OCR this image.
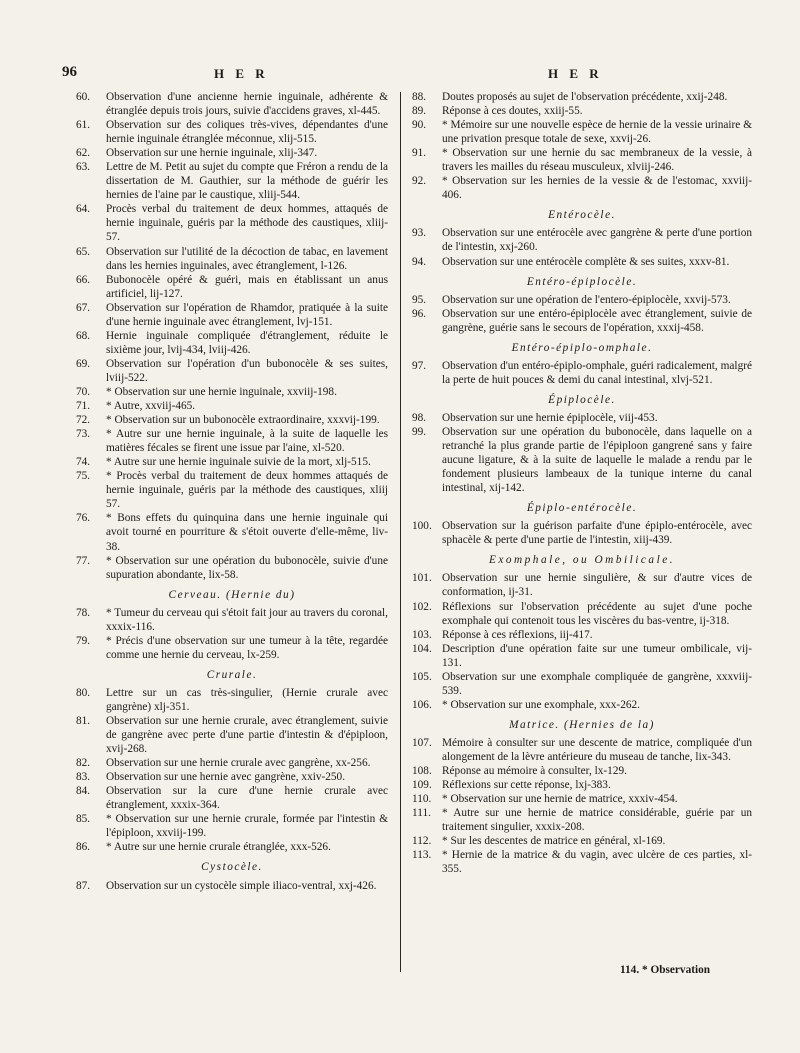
96	H E R	H E R
60.	Observation d'une ancienne hernie inguinale, adhérente & étranglée depuis trois jours, suivie d'accidens graves, xl-445.
61.	Observation sur des coliques très-vives, dépendantes d'une hernie inguinale étranglée méconnue, xlij-515.
62.	Observation sur une hernie inguinale, xlij-347.
63.	Lettre de M. Petit au sujet du compte que Fréron a rendu de la dissertation de M. Gauthier, sur la méthode de guérir les hernies de l'aine par le caustique, xliij-544.
64.	Procès verbal du traitement de deux hommes, attaqués de hernie inguinale, guéris par la méthode des caustiques, xliij-57.
65.	Observation sur l'utilité de la décoction de tabac, en lavement dans les hernies inguinales, avec étranglement, l-126.
66.	Bubonocèle opéré & guéri, mais en établissant un anus artificiel, lij-127.
67.	Observation sur l'opération de Rhamdor, pratiquée à la suite d'une hernie inguinale avec étranglement, lvj-151.
68.	Hernie inguinale compliquée d'étranglement, réduite le sixième jour, lvij-434, lviij-426.
69.	Observation sur l'opération d'un bubonocèle & ses suites, lviij-522.
70.	* Observation sur une hernie inguinale, xxviij-198.
71.	* Autre, xxviij-465.
72.	* Observation sur un bubonocèle extraordinaire, xxxvij-199.
73.	* Autre sur une hernie inguinale, à la suite de laquelle les matières fécales se firent une issue par l'aine, xl-520.
74.	* Autre sur une hernie inguinale suivie de la mort, xlj-515.
75.	* Procès verbal du traitement de deux hommes attaqués de hernie inguinale, guéris par la méthode des caustiques, xliij 57.
76.	* Bons effets du quinquina dans une hernie inguinale qui avoit tourné en pourriture & s'étoit ouverte d'elle-même, liv-38.
77.	* Observation sur une opération du bubonocèle, suivie d'une supuration abondante, lix-58.
Cerveau. (Hernie du)
78.	* Tumeur du cerveau qui s'étoit fait jour au travers du coronal, xxxix-116.
79.	* Précis d'une observation sur une tumeur à la tête, regardée comme une hernie du cerveau, lx-259.
Crurale.
80.	Lettre sur un cas très-singulier, (Hernie crurale avec gangrène) xlj-351.
81.	Observation sur une hernie crurale, avec étranglement, suivie de gangrène avec perte d'une partie d'intestin & d'épiploon, xvij-268.
82.	Observation sur une hernie crurale avec gangrène, xx-256.
83.	Observation sur une hernie avec gangrène, xxiv-250.
84.	Observation sur la cure d'une hernie crurale avec étranglement, xxxix-364.
85.	* Observation sur une hernie crurale, formée par l'intestin & l'épiploon, xxviij-199.
86.	* Autre sur une hernie crurale étranglée, xxx-526.
Cystocèle.
87.	Observation sur un cystocèle simple iliaco-ventral, xxj-426.
88.	Doutes proposés au sujet de l'observation précédente, xxij-248.
89.	Réponse à ces doutes, xxiij-55.
90.	* Mémoire sur une nouvelle espèce de hernie de la vessie urinaire & une privation presque totale de sexe, xxvij-26.
91.	* Observation sur une hernie du sac membraneux de la vessie, à travers les mailles du réseau musculeux, xlviij-246.
92.	* Observation sur les hernies de la vessie & de l'estomac, xxviij-406.
Entérocèle.
93.	Observation sur une entérocèle avec gangrène & perte d'une portion de l'intestin, xxj-260.
94.	Observation sur une entérocèle complète & ses suites, xxxv-81.
Entéro-épiplocèle.
95.	Observation sur une opération de l'entero-épiplocèle, xxvij-573.
96.	Observation sur une entéro-épiplocèle avec étranglement, suivie de gangrène, guérie sans le secours de l'opération, xxxij-458.
Entéro-épiplo-omphale.
97.	Observation d'un entéro-épiplo-omphale, guéri radicalement, malgré la perte de huit pouces & demi du canal intestinal, xlvj-521.
Épiplocèle.
98.	Observation sur une hernie épiplocèle, viij-453.
99.	Observation sur une opération du bubonocèle, dans laquelle on a retranché la plus grande partie de l'épiploon gangrené sans y faire aucune ligature, & à la suite de laquelle le malade a rendu par le fondement plusieurs lambeaux de la tunique interne du canal intestinal, xij-142.
Épiplo-entérocèle.
100. Observation sur la guérison parfaite d'une épiplo-entérocèle, avec sphacèle & perte d'une partie de l'intestin, xiij-439.
Exomphale, ou Ombilicale.
101. Observation sur une hernie singulière, & sur d'autre vices de conformation, ij-31.
102. Réflexions sur l'observation précédente au sujet d'une poche exomphale qui contenoit tous les viscères du bas-ventre, ij-318.
103. Réponse à ces réflexions, iij-417.
104. Description d'une opération faite sur une tumeur ombilicale, vij-131.
105. Observation sur une exomphale compliquée de gangrène, xxxviij-539.
106. * Observation sur une exomphale, xxx-262.
Matrice. (Hernies de la)
107. Mémoire à consulter sur une descente de matrice, compliquée d'un alongement de la lèvre antérieure du museau de tanche, lix-343.
108. Réponse au mémoire à consulter, lx-129.
109. Réflexions sur cette réponse, lxj-383.
110. * Observation sur une hernie de matrice, xxxiv-454.
111. * Autre sur une hernie de matrice considérable, guérie par un traitement singulier, xxxix-208.
112. * Sur les descentes de matrice en général, xl-169.
113. * Hernie de la matrice & du vagin, avec ulcère de ces parties, xl-355.
114. * Observation
